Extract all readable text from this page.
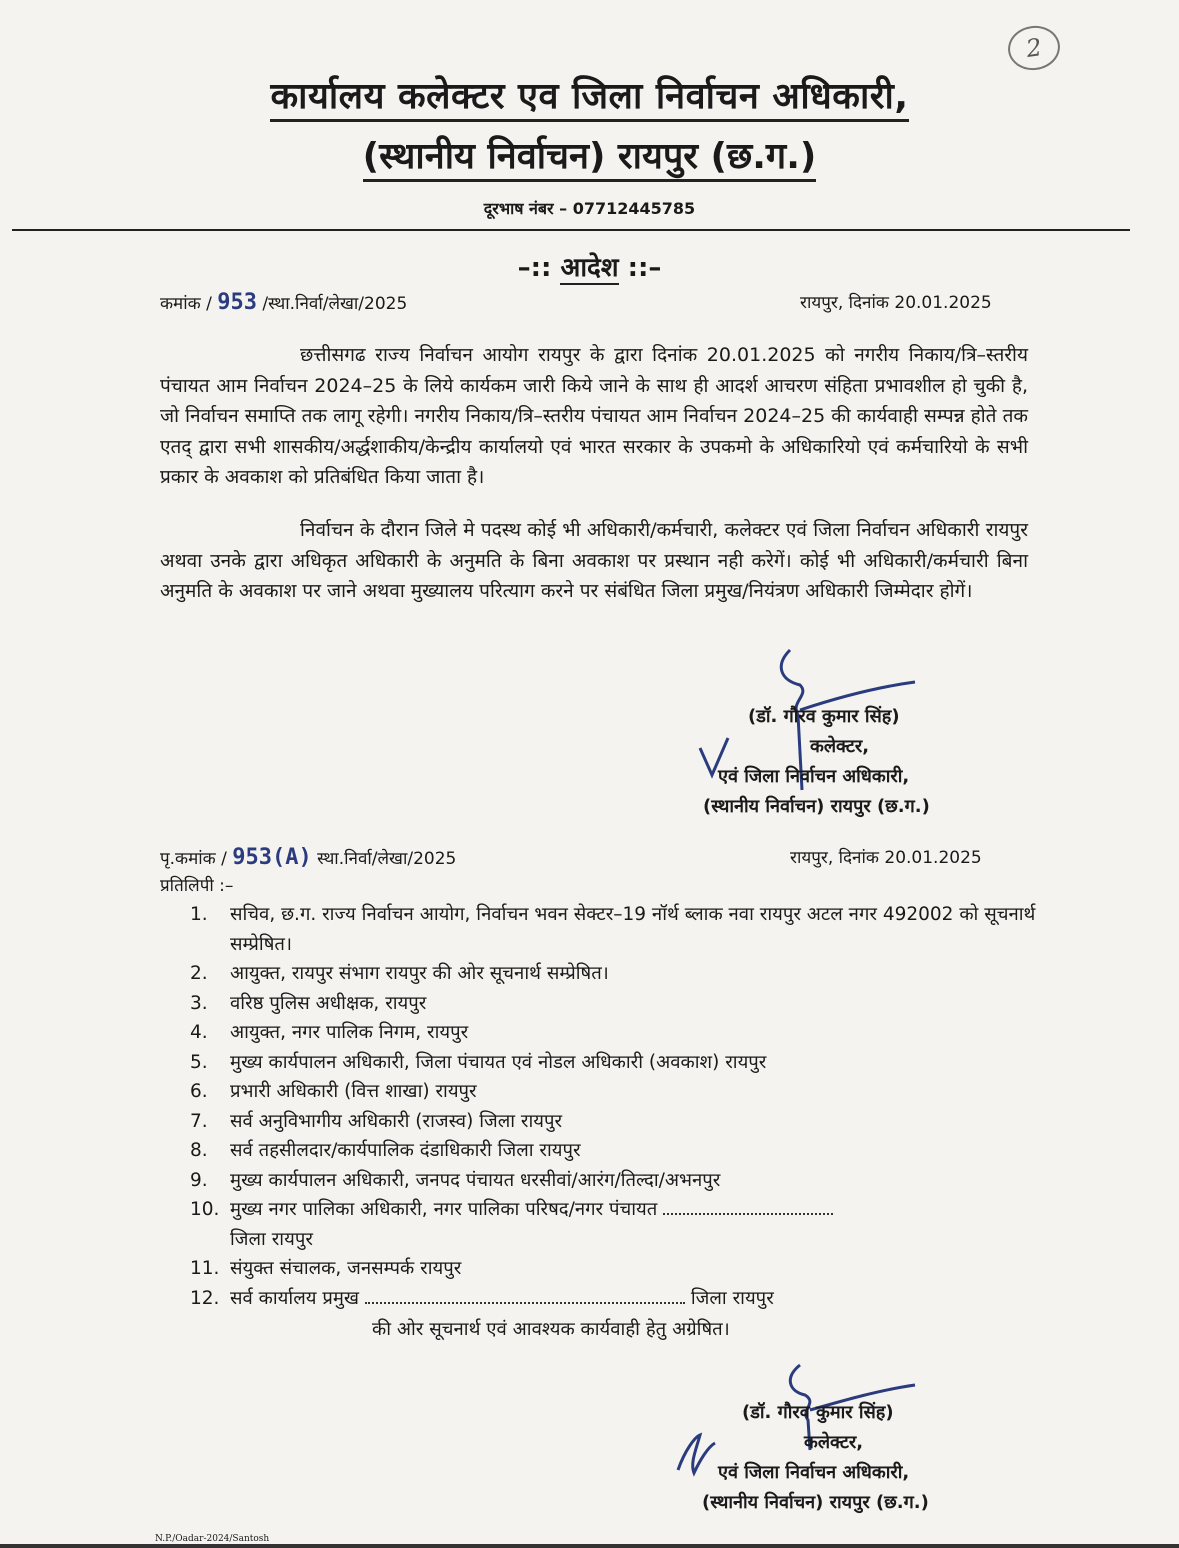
2
कार्यालय कलेक्टर एव जिला निर्वाचन अधिकारी,
(स्थानीय निर्वाचन) रायपुर (छ.ग.)
दूरभाष नंबर – 07712445785
–:: आदेश ::–
कमांक / 953 /स्था.निर्वा/लेखा/2025	रायपुर, दिनांक 20.01.2025
छत्तीसगढ राज्य निर्वाचन आयोग रायपुर के द्वारा दिनांक 20.01.2025 को नगरीय निकाय/त्रि–स्तरीय पंचायत आम निर्वाचन 2024–25 के लिये कार्यकम जारी किये जाने के साथ ही आदर्श आचरण संहिता प्रभावशील हो चुकी है, जो निर्वाचन समाप्ति तक लागू रहेगी। नगरीय निकाय/त्रि–स्तरीय पंचायत आम निर्वाचन 2024–25 की कार्यवाही सम्पन्न होते तक एतद् द्वारा सभी शासकीय/अर्द्धशाकीय/केन्द्रीय कार्यालयो एवं भारत सरकार के उपकमो के अधिकारियो एवं कर्मचारियो के सभी प्रकार के अवकाश को प्रतिबंधित किया जाता है।
निर्वाचन के दौरान जिले मे पदस्थ कोई भी अधिकारी/कर्मचारी, कलेक्टर एवं जिला निर्वाचन अधिकारी रायपुर अथवा उनके द्वारा अधिकृत अधिकारी के अनुमति के बिना अवकाश पर प्रस्थान नही करेगें। कोई भी अधिकारी/कर्मचारी बिना अनुमति के अवकाश पर जाने अथवा मुख्यालय परित्याग करने पर संबंधित जिला प्रमुख/नियंत्रण अधिकारी जिम्मेदार होगें।
(डॉ. गौरव कुमार सिंह)
कलेक्टर,
एवं जिला निर्वाचन अधिकारी,
(स्थानीय निर्वाचन) रायपुर (छ.ग.)
पृ.कमांक / 953(A) स्था.निर्वा/लेखा/2025	रायपुर, दिनांक 20.01.2025
प्रतिलिपी :–
1.	सचिव, छ.ग. राज्य निर्वाचन आयोग, निर्वाचन भवन सेक्टर–19 नॉर्थ ब्लाक नवा रायपुर अटल नगर 492002 को सूचनार्थ सम्प्रेषित।
2.	आयुक्त, रायपुर संभाग रायपुर की ओर सूचनार्थ सम्प्रेषित।
3.	वरिष्ठ पुलिस अधीक्षक, रायपुर
4.	आयुक्त, नगर पालिक निगम, रायपुर
5.	मुख्य कार्यपालन अधिकारी, जिला पंचायत एवं नोडल अधिकारी (अवकाश) रायपुर
6.	प्रभारी अधिकारी (वित्त शाखा) रायपुर
7.	सर्व अनुविभागीय अधिकारी (राजस्व) जिला रायपुर
8.	सर्व तहसीलदार/कार्यपालिक दंडाधिकारी जिला रायपुर
9.	मुख्य कार्यपालन अधिकारी, जनपद पंचायत धरसीवां/आरंग/तिल्दा/अभनपुर
10. मुख्य नगर पालिका अधिकारी, नगर पालिका परिषद/नगर पंचायत
जिला रायपुर
11. संयुक्त संचालक, जनसम्पर्क रायपुर
12. सर्व कार्यालय प्रमुख	जिला रायपुर
की ओर सूचनार्थ एवं आवश्यक कार्यवाही हेतु अग्रेषित।
(डॉ. गौरव कुमार सिंह)
कलेक्टर,
एवं जिला निर्वाचन अधिकारी,
(स्थानीय निर्वाचन) रायपुर (छ.ग.)
N.P./Oadar-2024/Santosh
